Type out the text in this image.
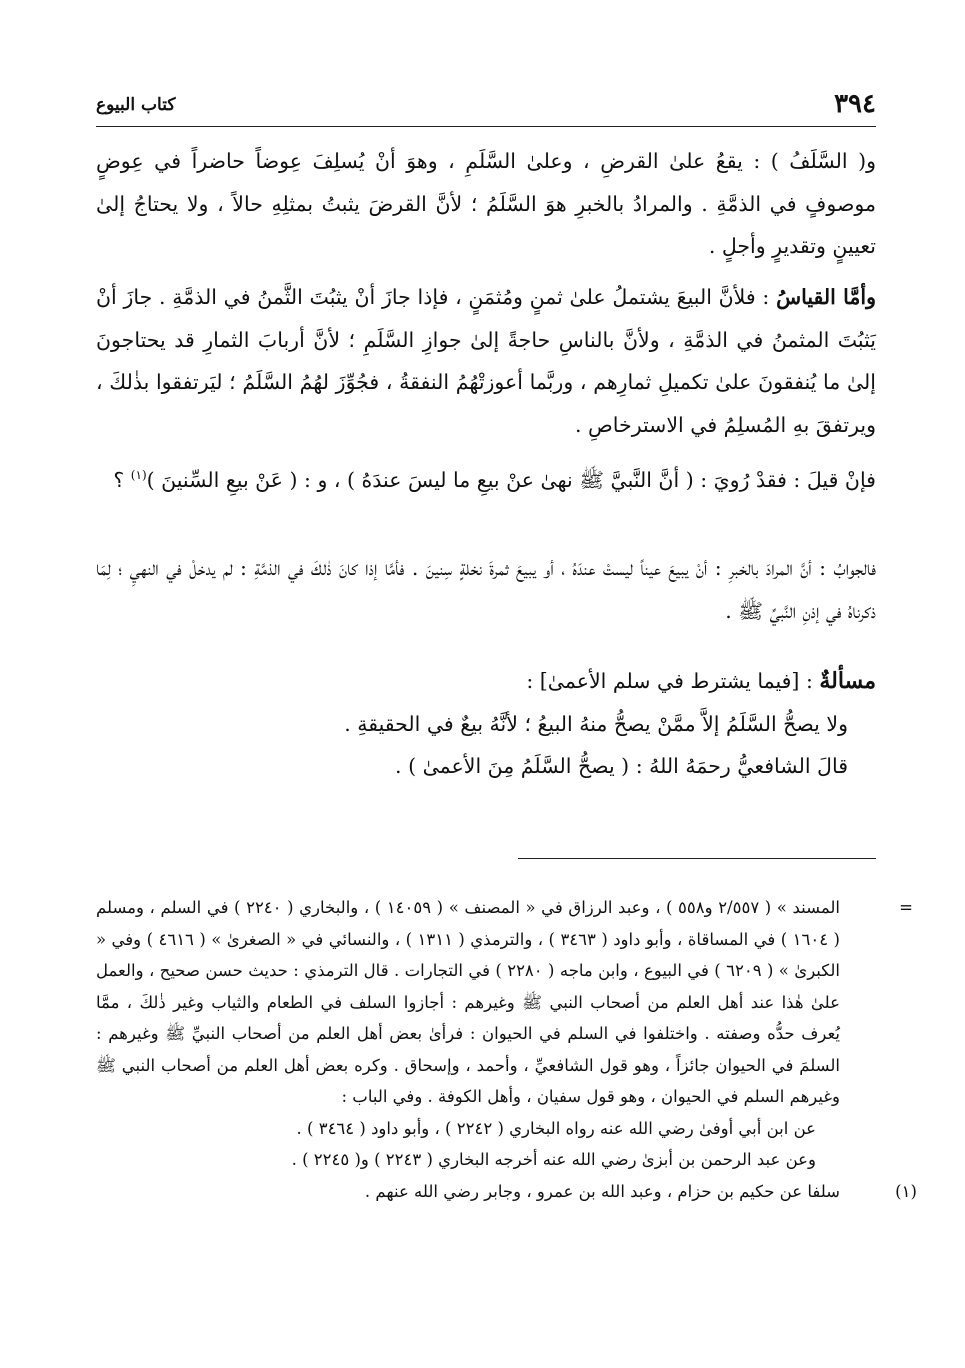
٣٩٤
كتاب البيوع

و( السَّلَفُ ) : يقعُ علىٰ القرضِ ، وعلىٰ السَّلَمِ ، وهوَ أنْ يُسلِفَ عِوضاً حاضراً في عِوضٍ موصوفٍ في الذمَّةِ . والمرادُ بالخبرِ هوَ السَّلَمُ ؛ لأنَّ القرضَ يثبتُ بمثلِهِ حالاً ، ولا يحتاجُ إلىٰ تعيينٍ وتقديرٍ وأجلٍ .

وأمَّا القياسُ : فلأنَّ البيعَ يشتملُ علىٰ ثمنٍ ومُثمَنٍ ، فإذا جازَ أنْ يثبُتَ الثَّمنُ في الذمَّةِ . جازَ أنْ يَثبُتَ المثمنُ في الذمَّةِ ، ولأنَّ بالناسِ حاجةً إلىٰ جوازِ السَّلَمِ ؛ لأنَّ أربابَ الثمارِ قد يحتاجونَ إلىٰ ما يُنفقونَ علىٰ تكميلِ ثمارِهم ، وربَّما أعوزتْهُمُ النفقةُ ، فجُوِّزَ لهُمُ السَّلَمُ ؛ ليَرتفقوا بذٰلكَ ، ويرتفقَ بهِ المُسلِمُ في الاسترخاصِ .

فإنْ قيلَ : فقدْ رُويَ : ( أنَّ النَّبيَّ ﷺ نهىٰ عنْ بيعِ ما ليسَ عندَهُ ) ، و : ( عَنْ بيعِ السِّنينَ )$^{(١)}$ ؟

فالجوابُ : أنَّ المرادَ بالخبرِ : أنْ يبيعَ عيناً ليستْ عندَهُ ، أو يبيعَ ثمرةَ نخلةٍ سِنينَ . فأمَّا إذا كانَ ذٰلكَ في الذمَّةِ : لم يدخلْ في النهيِ ؛ لِمَا ذكرناهُ في إذنِ النَّبيِّ ﷺ .

مسألةٌ : [فيما يشترط في سلم الأعمىٰ] :

ولا يصحُّ السَّلَمُ إلاَّ ممَّنْ يصحُّ منهُ البيعُ ؛ لأنَّهُ بيعٌ في الحقيقةِ .

قالَ الشافعيُّ رحمَهُ اللهُ : ( يصحُّ السَّلَمُ مِنَ الأعمىٰ ) .

=

المسند » ( ٢/٥٥٧ و٥٥٨ ) ، وعبد الرزاق في « المصنف » ( ١٤٠٥٩ ) ، والبخاري ( ٢٢٤٠ ) في السلم ، ومسلم ( ١٦٠٤ ) في المساقاة ، وأبو داود ( ٣٤٦٣ ) ، والترمذي ( ١٣١١ ) ، والنسائي في « الصغرىٰ » ( ٤٦١٦ ) وفي « الكبرىٰ » ( ٦٢٠٩ ) في البيوع ، وابن ماجه ( ٢٢٨٠ ) في التجارات . قال الترمذي : حديث حسن صحيح ، والعمل علىٰ هٰذا عند أهل العلم من أصحاب النبي ﷺ وغيرهم : أجازوا السلف في الطعام والثياب وغير ذٰلكَ ، ممَّا يُعرف حدُّه وصفته . واختلفوا في السلم في الحيوان : فرأىٰ بعض أهل العلم من أصحاب النبيِّ ﷺ وغيرهم : السلمَ في الحيوان جائزاً ، وهو قول الشافعيِّ ، وأحمد ، وإسحاق . وكره بعض أهل العلم من أصحاب النبي ﷺ وغيرهم السلم في الحيوان ، وهو قول سفيان ، وأهل الكوفة . وفي الباب :

عن ابن أبي أوفىٰ رضي الله عنه رواه البخاري ( ٢٢٤٢ ) ، وأبو داود ( ٣٤٦٤ ) .

وعن عبد الرحمن بن أبزىٰ رضي الله عنه أخرجه البخاري ( ٢٢٤٣ ) و( ٢٢٤٥ ) .

(١)

سلفا عن حكيم بن حزام ، وعبد الله بن عمرو ، وجابر رضي الله عنهم .
